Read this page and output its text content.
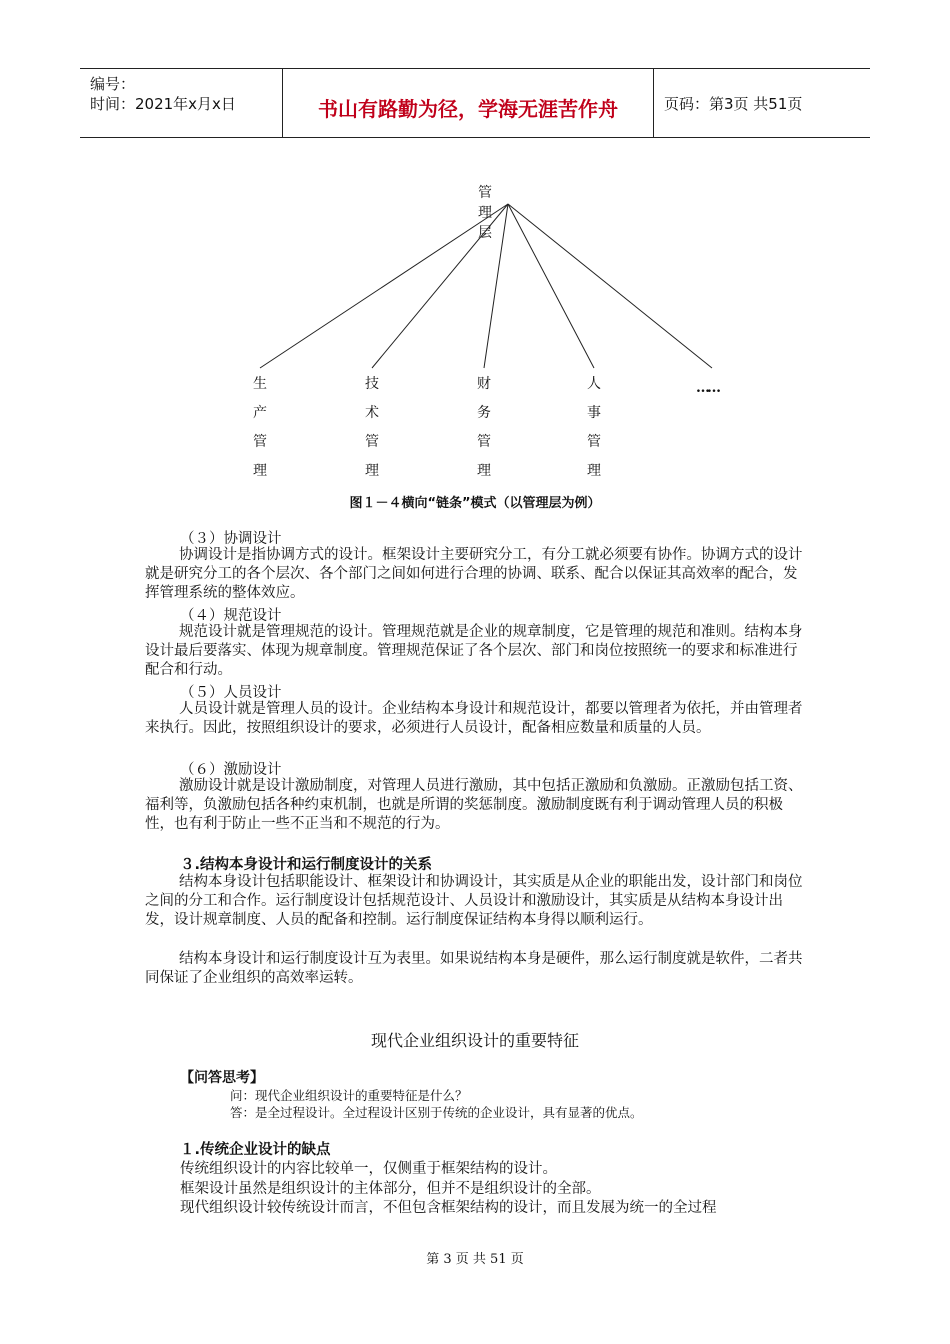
编号：
时间：2021年x月x日	书山有路勤为径，学海无涯苦作舟	页码：第3页 共51页
管理层
生
产
管
理
技
术
管
理
财
务
管
理
人
事
管
理
……
图１－４横向“链条”模式（以管理层为例）
（３）协调设计
协调设计是指协调方式的设计。框架设计主要研究分工，有分工就必须要有协作。协调方式的设计就是研究分工的各个层次、各个部门之间如何进行合理的协调、联系、配合以保证其高效率的配合，发挥管理系统的整体效应。
（４）规范设计
规范设计就是管理规范的设计。管理规范就是企业的规章制度，它是管理的规范和准则。结构本身设计最后要落实、体现为规章制度。管理规范保证了各个层次、部门和岗位按照统一的要求和标准进行配合和行动。
（５）人员设计
人员设计就是管理人员的设计。企业结构本身设计和规范设计，都要以管理者为依托，并由管理者来执行。因此，按照组织设计的要求，必须进行人员设计，配备相应数量和质量的人员。
（６）激励设计
激励设计就是设计激励制度，对管理人员进行激励，其中包括正激励和负激励。正激励包括工资、福利等，负激励包括各种约束机制，也就是所谓的奖惩制度。激励制度既有利于调动管理人员的积极性，也有利于防止一些不正当和不规范的行为。
３.结构本身设计和运行制度设计的关系
结构本身设计包括职能设计、框架设计和协调设计，其实质是从企业的职能出发，设计部门和岗位之间的分工和合作。运行制度设计包括规范设计、人员设计和激励设计，其实质是从结构本身设计出发，设计规章制度、人员的配备和控制。运行制度保证结构本身得以顺利运行。
结构本身设计和运行制度设计互为表里。如果说结构本身是硬件，那么运行制度就是软件，二者共同保证了企业组织的高效率运转。
现代企业组织设计的重要特征
【问答思考】
问：现代企业组织设计的重要特征是什么？
答：是全过程设计。全过程设计区别于传统的企业设计，具有显著的优点。
１.传统企业设计的缺点
传统组织设计的内容比较单一，仅侧重于框架结构的设计。
框架设计虽然是组织设计的主体部分，但并不是组织设计的全部。
现代组织设计较传统设计而言，不但包含框架结构的设计，而且发展为统一的全过程
第 3 页 共 51 页
